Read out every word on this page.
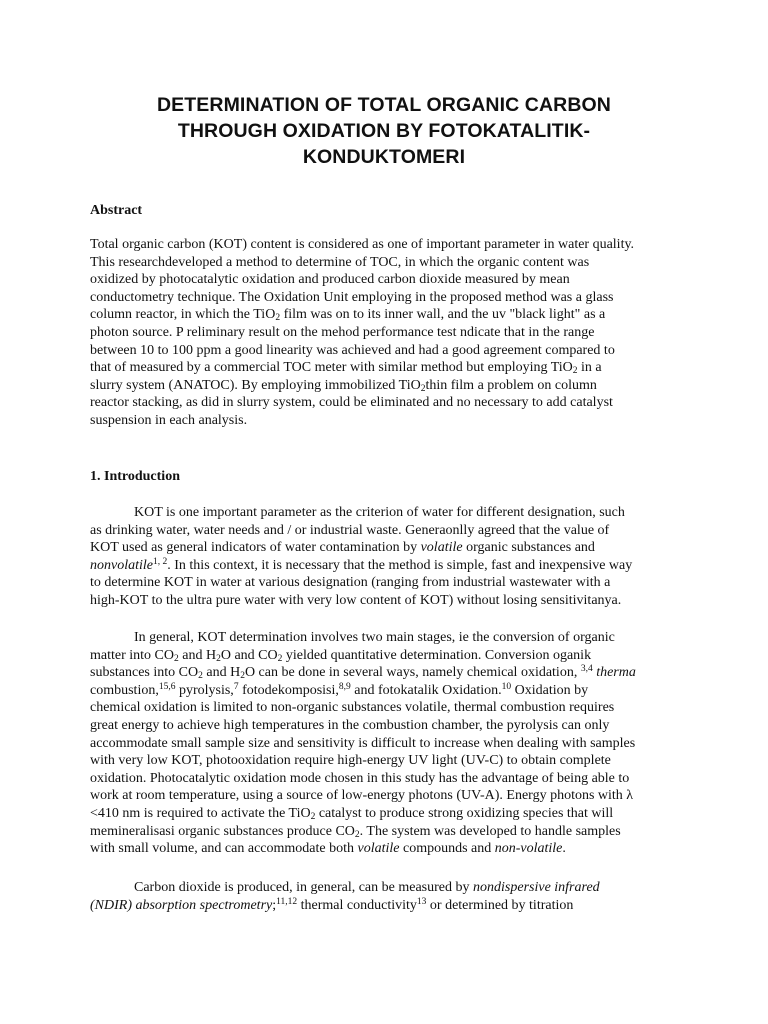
DETERMINATION OF TOTAL ORGANIC CARBON
THROUGH OXIDATION BY FOTOKATALITIK-
KONDUKTOMERI
Abstract
Total organic carbon (KOT) content is considered as one of important parameter in water quality.
This researchdeveloped a method to determine of TOC, in which the organic content was
oxidized by photocatalytic oxidation and produced carbon dioxide measured by mean
conductometry technique. The Oxidation Unit employing in the proposed method was a glass
column reactor, in which the TiO$_2$ film was on to its inner wall, and the uv "black light" as a
photon source. P reliminary result on the mehod performance test ndicate that in the range
between 10 to 100 ppm a good linearity was achieved and had a good agreement compared to
that of measured by a commercial TOC meter with similar method but employing TiO$_2$ in a
slurry system (ANATOC). By employing immobilized TiO$_2$thin film a problem on column
reactor stacking, as did in slurry system, could be eliminated and no necessary to add catalyst
suspension in each analysis.
1. Introduction
KOT is one important parameter as the criterion of water for different designation, such
as drinking water, water needs and / or industrial waste. Generaonlly agreed that the value of
KOT used as general indicators of water contamination by volatile organic substances and
nonvolatile$^{1, 2}$. In this context, it is necessary that the method is simple, fast and inexpensive way
to determine KOT in water at various designation (ranging from industrial wastewater with a
high-KOT to the ultra pure water with very low content of KOT) without losing sensitivitanya.
In general, KOT determination involves two main stages, ie the conversion of organic
matter into $CO_2$ and $H_2O$ and $CO_2$ yielded quantitative determination. Conversion oganik
substances into $CO_2$ and $H_2O$ can be done in several ways, namely chemical oxidation, $^{3,4}$ therma
combustion,$^{15,6}$ pyrolysis,$^7$ fotodekomposisi,$^{8,9}$ and fotokatalik Oxidation.$^{10}$ Oxidation by
chemical oxidation is limited to non-organic substances volatile, thermal combustion requires
great energy to achieve high temperatures in the combustion chamber, the pyrolysis can only
accommodate small sample size and sensitivity is difficult to increase when dealing with samples
with very low KOT, photooxidation require high-energy UV light (UV-C) to obtain complete
oxidation. Photocatalytic oxidation mode chosen in this study has the advantage of being able to
work at room temperature, using a source of low-energy photons (UV-A). Energy photons with λ
<410 nm is required to activate the TiO$_2$ catalyst to produce strong oxidizing species that will
memineralisasi organic substances produce $CO_2$. The system was developed to handle samples
with small volume, and can accommodate both volatile compounds and non-volatile.
Carbon dioxide is produced, in general, can be measured by nondispersive infrared
(NDIR) absorption spectrometry;$^{11,12}$ thermal conductivity$^{13}$ or determined by titration
